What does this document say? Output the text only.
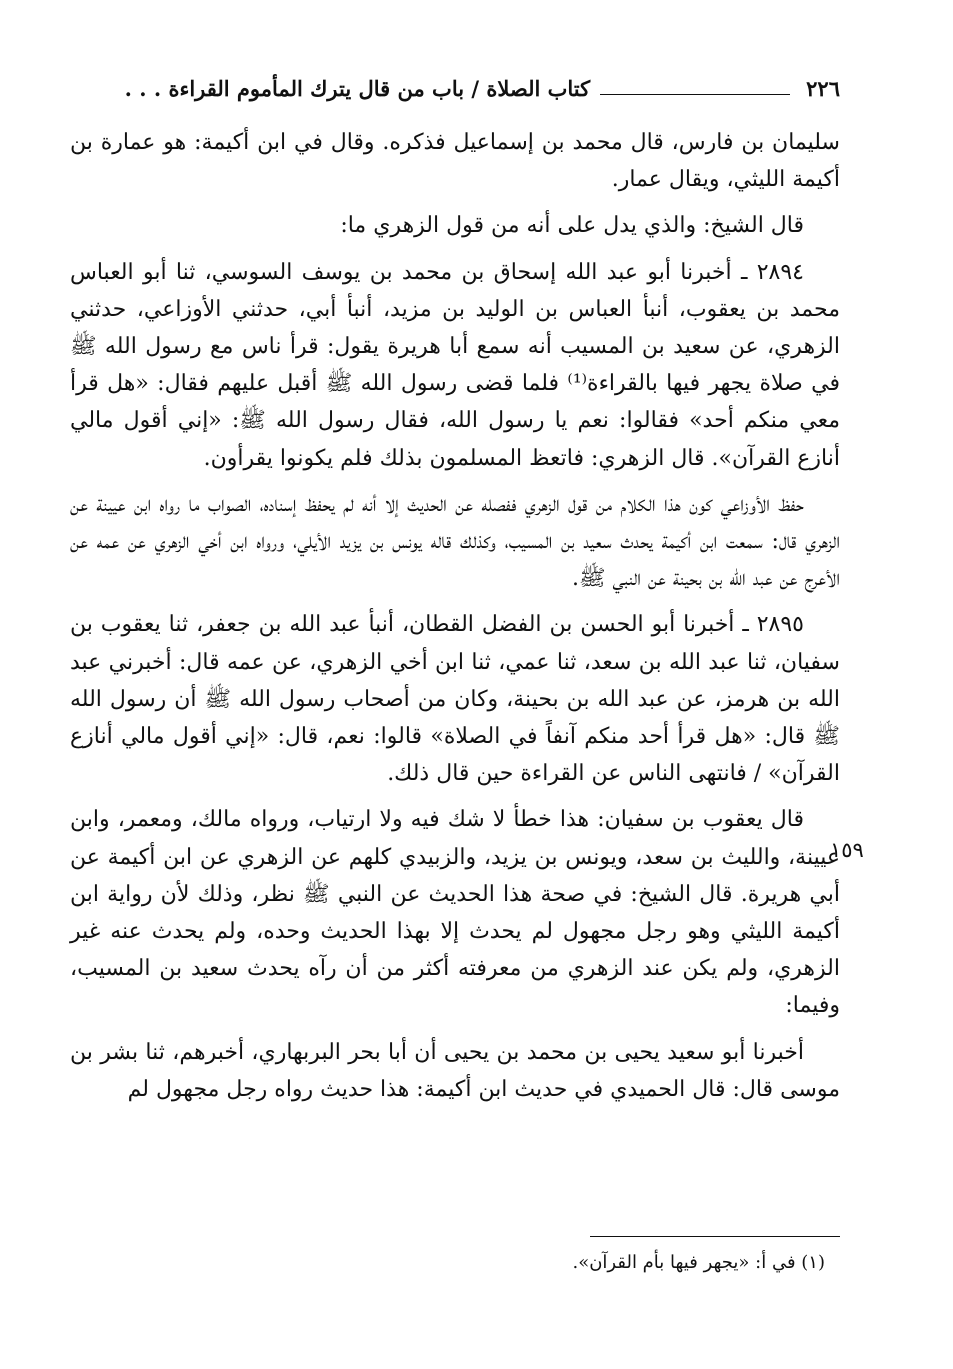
٢٢٦
كتاب الصلاة / باب من قال يترك المأموم القراءة . . .

سليمان بن فارس، قال محمد بن إسماعيل فذكره. وقال في ابن أكيمة: هو عمارة بن أكيمة الليثي، ويقال عمار.

قال الشيخ: والذي يدل على أنه من قول الزهري ما:

٢٨٩٤ ـ أخبرنا أبو عبد الله إسحاق بن محمد بن يوسف السوسي، ثنا أبو العباس محمد بن يعقوب، أنبأ العباس بن الوليد بن مزيد، أنبأ أبي، حدثني الأوزاعي، حدثني الزهري، عن سعيد بن المسيب أنه سمع أبا هريرة يقول: قرأ ناس مع رسول الله ﷺ في صلاة يجهر فيها بالقراءة⁽¹⁾ فلما قضى رسول الله ﷺ أقبل عليهم فقال: «هل قرأ معي منكم أحد» فقالوا: نعم يا رسول الله، فقال رسول الله ﷺ: «إني أقول مالي أنازع القرآن». قال الزهري: فاتعظ المسلمون بذلك فلم يكونوا يقرأون.

حفظ الأوزاعي كون هذا الكلام من قول الزهري ففصله عن الحديث إلا أنه لم يحفظ إسناده، الصواب ما رواه ابن عيينة عن الزهري قال: سمعت ابن أكيمة يحدث سعيد بن المسيب، وكذلك قاله يونس بن يزيد الأيلي، ورواه ابن أخي الزهري عن عمه عن الأعرج عن عبد الله بن بحينة عن النبي ﷺ.

٢٨٩٥ ـ أخبرنا أبو الحسن بن الفضل القطان، أنبأ عبد الله بن جعفر، ثنا يعقوب بن سفيان، ثنا عبد الله بن سعد، ثنا عمي، ثنا ابن أخي الزهري، عن عمه قال: أخبرني عبد الله بن هرمز، عن عبد الله بن بحينة، وكان من أصحاب رسول الله ﷺ أن رسول الله ﷺ قال: «هل قرأ أحد منكم آنفاً في الصلاة» قالوا: نعم، قال: «إني أقول مالي أنازع القرآن» / فانتهى الناس عن القراءة حين قال ذلك.

قال يعقوب بن سفيان: هذا خطأ لا شك فيه ولا ارتياب، ورواه مالك، ومعمر، وابن عيينة، والليث بن سعد، ويونس بن يزيد، والزبيدي كلهم عن الزهري عن ابن أكيمة عن أبي هريرة. قال الشيخ: في صحة هذا الحديث عن النبي ﷺ نظر، وذلك لأن رواية ابن أكيمة الليثي وهو رجل مجهول لم يحدث إلا بهذا الحديث وحده، ولم يحدث عنه غير الزهري، ولم يكن عند الزهري من معرفته أكثر من أن رآه يحدث سعيد بن المسيب، وفيما:

أخبرنا أبو سعيد يحيى بن محمد بن يحيى أن أبا بحر البربهاري، أخبرهم، ثنا بشر بن موسى قال: قال الحميدي في حديث ابن أكيمة: هذا حديث رواه رجل مجهول لم

١٥٩
(١) في أ: «يجهر فيها بأم القرآن».
